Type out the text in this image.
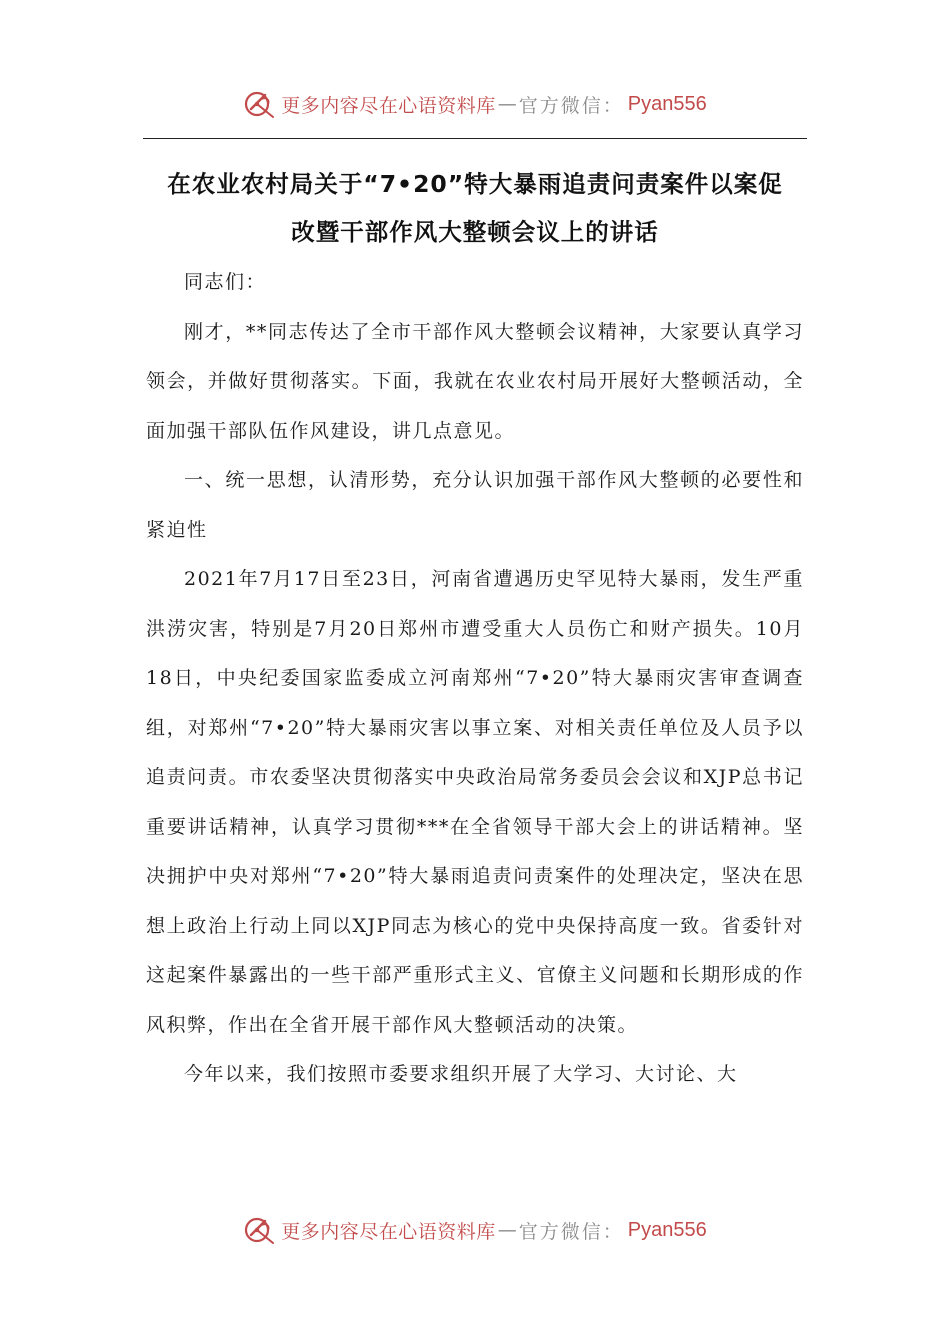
更多内容尽在心语资料库 — 官方微信： Pyan556
在农业农村局关于“7•20”特大暴雨追责问责案件以案促
改暨干部作风大整顿会议上的讲话

同志们：

刚才，**同志传达了全市干部作风大整顿会议精神，大家要认真学习领会，并做好贯彻落实。下面，我就在农业农村局开展好大整顿活动，全面加强干部队伍作风建设，讲几点意见。

一、统一思想，认清形势，充分认识加强干部作风大整顿的必要性和紧迫性

2021年7月17日至23日，河南省遭遇历史罕见特大暴雨，发生严重洪涝灾害，特别是7月20日郑州市遭受重大人员伤亡和财产损失。10月18日，中央纪委国家监委成立河南郑州“7•20”特大暴雨灾害审查调查组，对郑州“7•20”特大暴雨灾害以事立案、对相关责任单位及人员予以追责问责。市农委坚决贯彻落实中央政治局常务委员会会议和XJP总书记重要讲话精神，认真学习贯彻***在全省领导干部大会上的讲话精神。坚决拥护中央对郑州“7•20”特大暴雨追责问责案件的处理决定，坚决在思想上政治上行动上同以XJP同志为核心的党中央保持高度一致。省委针对这起案件暴露出的一些干部严重形式主义、官僚主义问题和长期形成的作风积弊，作出在全省开展干部作风大整顿活动的决策。

今年以来，我们按照市委要求组织开展了大学习、大讨论、大

更多内容尽在心语资料库 — 官方微信： Pyan556
